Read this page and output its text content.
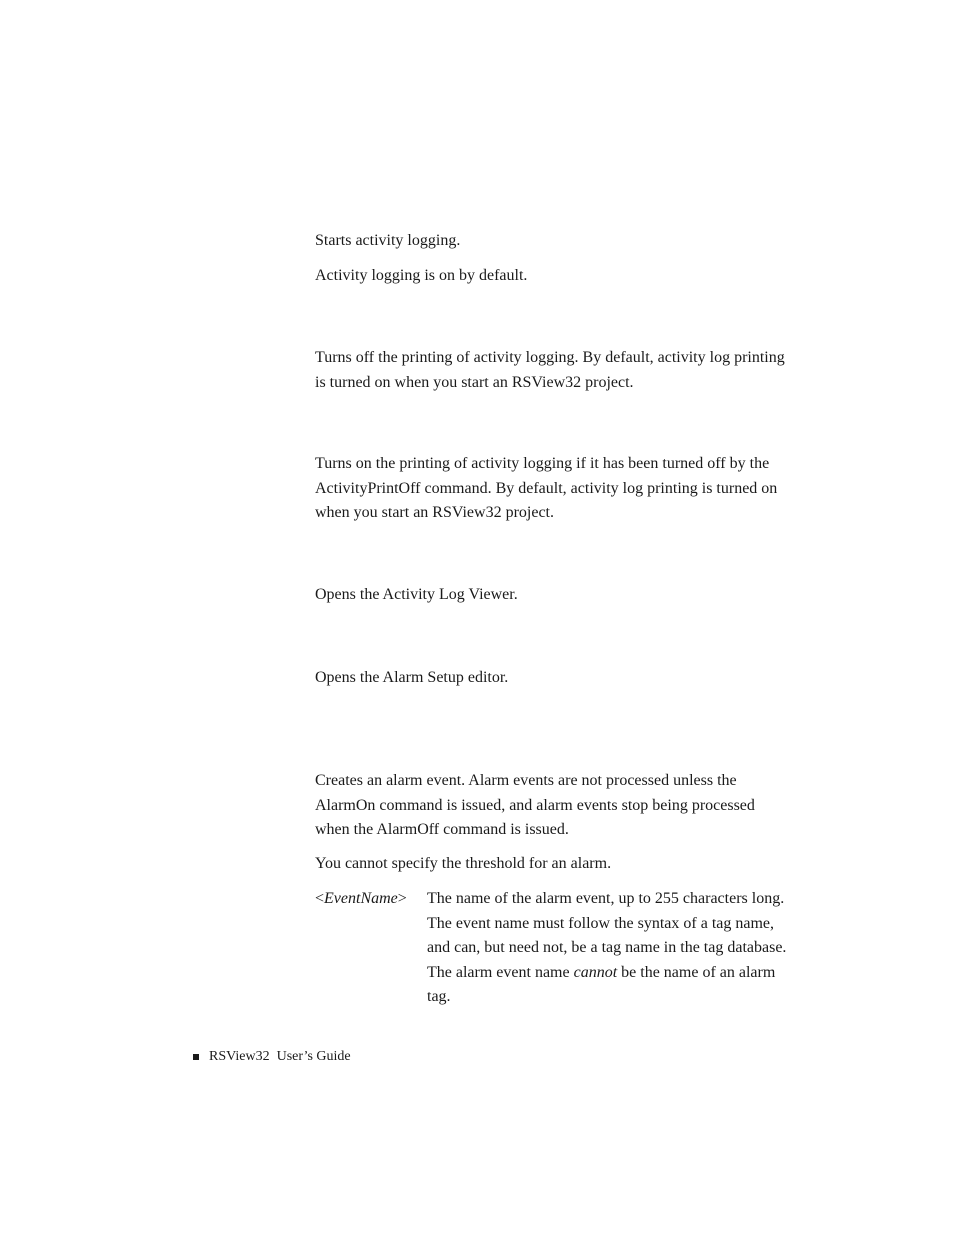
Starts activity logging.

Activity logging is on by default.

Turns off the printing of activity logging. By default, activity log printing is turned on when you start an RSView32 project.

Turns on the printing of activity logging if it has been turned off by the ActivityPrintOff command. By default, activity log printing is turned on when you start an RSView32 project.

Opens the Activity Log Viewer.

Opens the Alarm Setup editor.

Creates an alarm event. Alarm events are not processed unless the AlarmOn command is issued, and alarm events stop being processed when the AlarmOff command is issued.

You cannot specify the threshold for an alarm.

<EventName> The name of the alarm event, up to 255 characters long. The event name must follow the syntax of a tag name, and can, but need not, be a tag name in the tag database. The alarm event name cannot be the name of an alarm tag.

RSView32 User’s Guide
